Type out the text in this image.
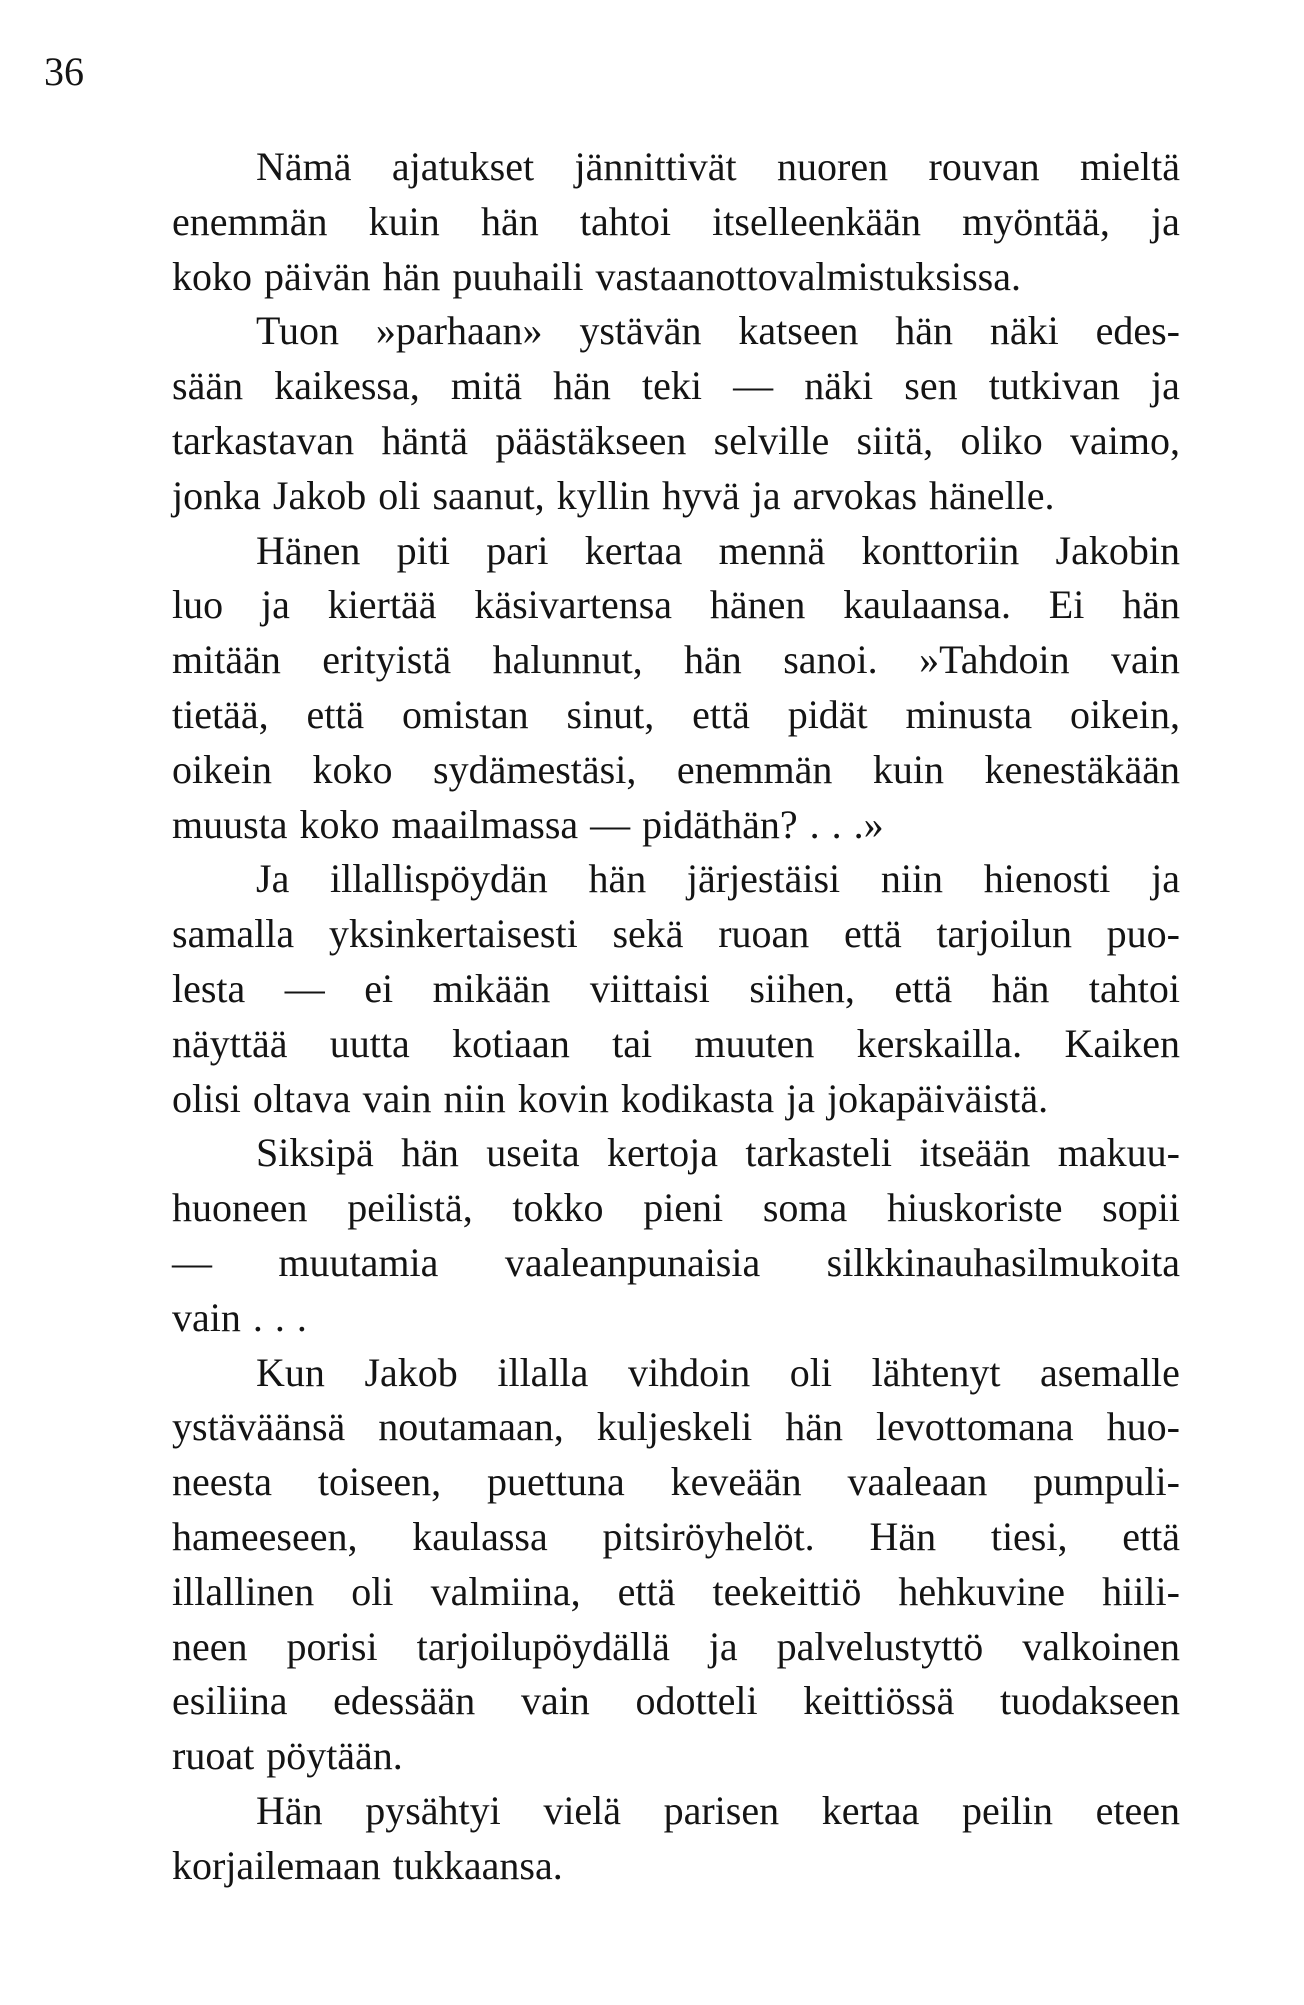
36
Nämä ajatukset jännittivät nuoren rouvan mieltä
enemmän kuin hän tahtoi itselleenkään myöntää, ja
koko päivän hän puuhaili vastaanottovalmistuksissa.
Tuon »parhaan» ystävän katseen hän näki edes-
sään kaikessa, mitä hän teki — näki sen tutkivan ja
tarkastavan häntä päästäkseen selville siitä, oliko vaimo,
jonka Jakob oli saanut, kyllin hyvä ja arvokas hänelle.
Hänen piti pari kertaa mennä konttoriin Jakobin
luo ja kiertää käsivartensa hänen kaulaansa. Ei hän
mitään erityistä halunnut, hän sanoi. »Tahdoin vain
tietää, että omistan sinut, että pidät minusta oikein,
oikein koko sydämestäsi, enemmän kuin kenestäkään
muusta koko maailmassa — pidäthän? . . .»
Ja illallispöydän hän järjestäisi niin hienosti ja
samalla yksinkertaisesti sekä ruoan että tarjoilun puo-
lesta — ei mikään viittaisi siihen, että hän tahtoi
näyttää uutta kotiaan tai muuten kerskailla. Kaiken
olisi oltava vain niin kovin kodikasta ja jokapäiväistä.
Siksipä hän useita kertoja tarkasteli itseään makuu-
huoneen peilistä, tokko pieni soma hiuskoriste sopii
— muutamia vaaleanpunaisia silkkinauhasilmukoita
vain . . .
Kun Jakob illalla vihdoin oli lähtenyt asemalle
ystäväänsä noutamaan, kuljeskeli hän levottomana huo-
neesta toiseen, puettuna keveään vaaleaan pumpuli-
hameeseen, kaulassa pitsiröyhelöt. Hän tiesi, että
illallinen oli valmiina, että teekeittiö hehkuvine hiili-
neen porisi tarjoilupöydällä ja palvelustyttö valkoinen
esiliina edessään vain odotteli keittiössä tuodakseen
ruoat pöytään.
Hän pysähtyi vielä parisen kertaa peilin eteen
korjailemaan tukkaansa.
